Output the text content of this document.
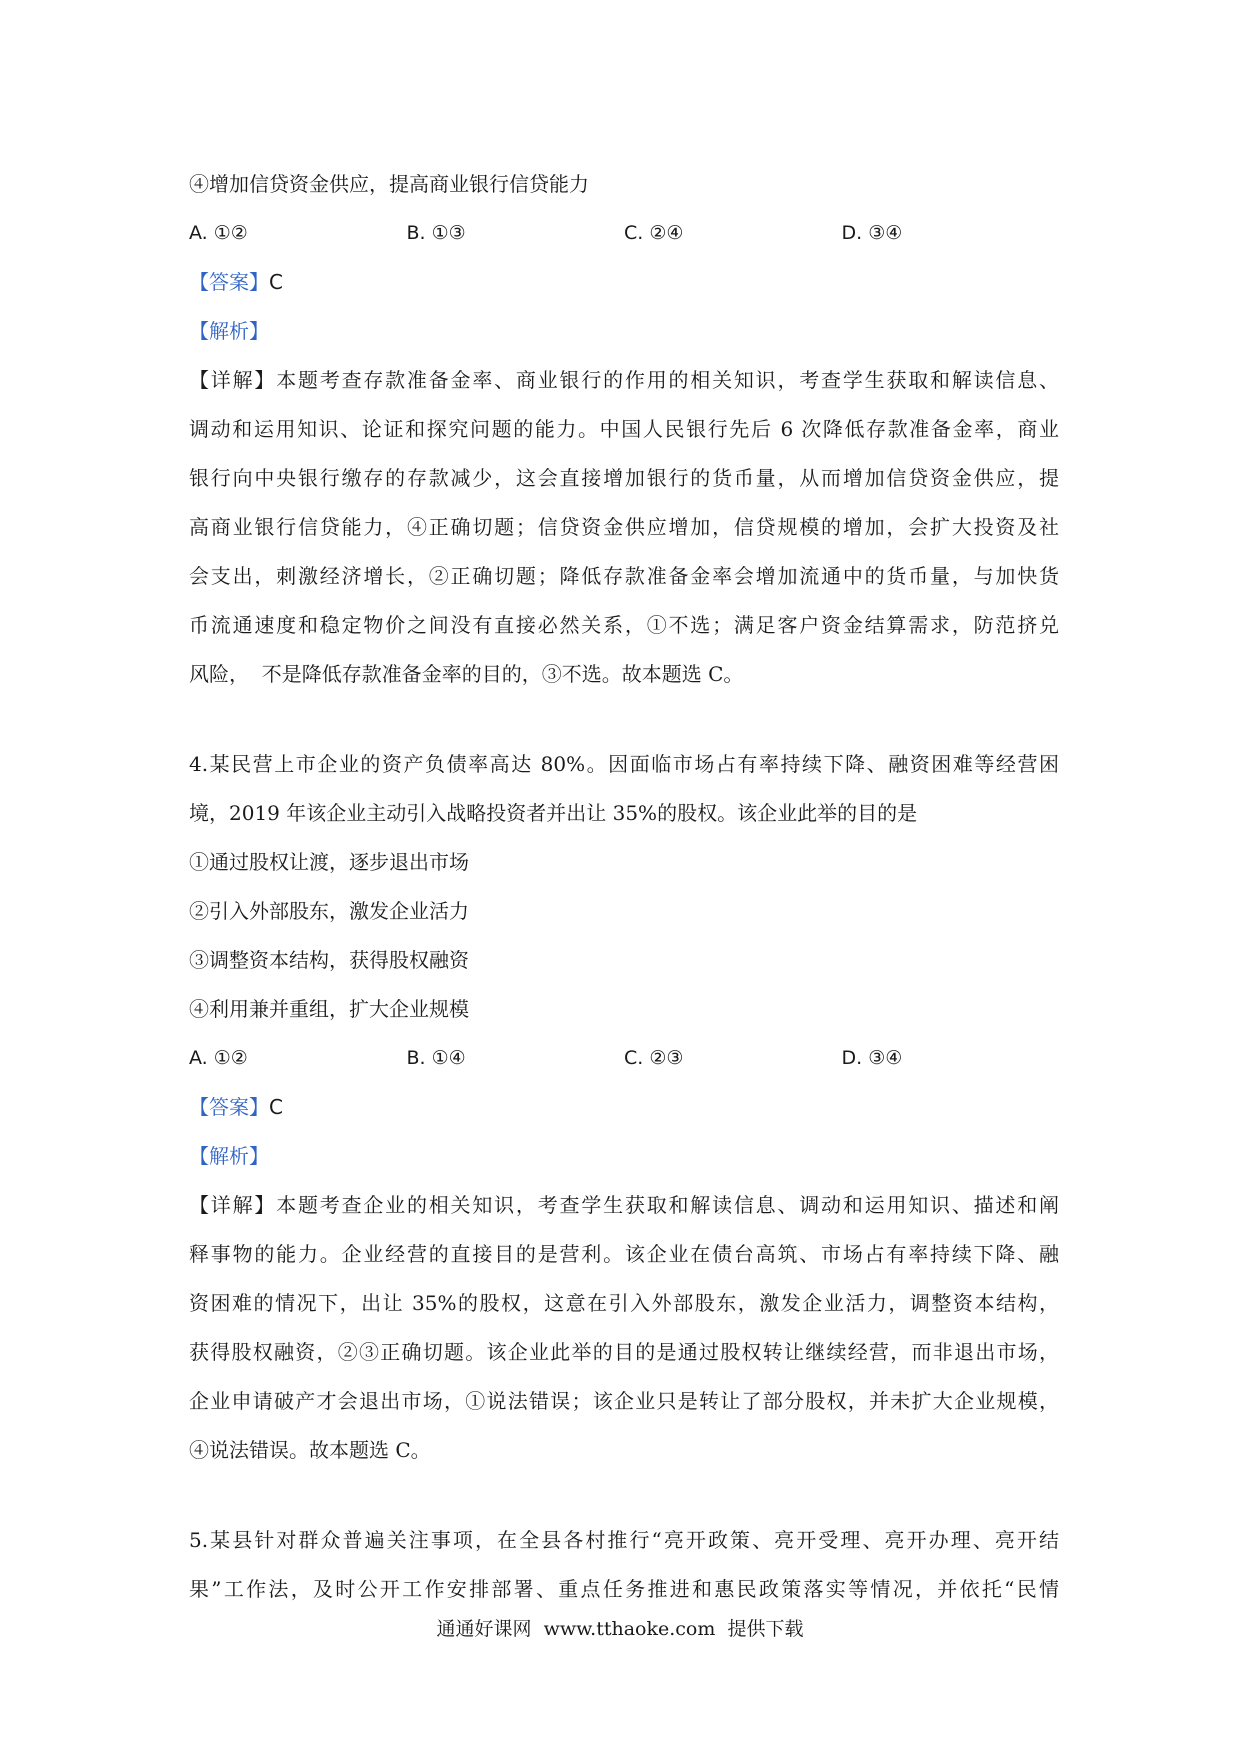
④增加信贷资金供应，提高商业银行信贷能力
A. ①②	B. ①③	C. ②④	D. ③④
【答案】C
【解析】
【详解】本题考查存款准备金率、商业银行的作用的相关知识，考查学生获取和解读信息、
调动和运用知识、论证和探究问题的能力。中国人民银行先后 6 次降低存款准备金率，商业
银行向中央银行缴存的存款减少，这会直接增加银行的货币量，从而增加信贷资金供应，提
高商业银行信贷能力，④正确切题；信贷资金供应增加，信贷规模的增加，会扩大投资及社
会支出，刺激经济增长，②正确切题；降低存款准备金率会增加流通中的货币量，与加快货
币流通速度和稳定物价之间没有直接必然关系，①不选；满足客户资金结算需求，防范挤兑
风险，  不是降低存款准备金率的目的，③不选。故本题选 C。
4.某民营上市企业的资产负债率高达 80%。因面临市场占有率持续下降、融资困难等经营困
境，2019 年该企业主动引入战略投资者并出让 35%的股权。该企业此举的目的是
①通过股权让渡，逐步退出市场
②引入外部股东，激发企业活力
③调整资本结构，获得股权融资
④利用兼并重组，扩大企业规模
A. ①②	B. ①④	C. ②③	D. ③④
【答案】C
【解析】
【详解】本题考查企业的相关知识，考查学生获取和解读信息、调动和运用知识、描述和阐
释事物的能力。企业经营的直接目的是营利。该企业在债台高筑、市场占有率持续下降、融
资困难的情况下，出让 35%的股权，这意在引入外部股东，激发企业活力，调整资本结构，
获得股权融资，②③正确切题。该企业此举的目的是通过股权转让继续经营，而非退出市场，
企业申请破产才会退出市场，①说法错误；该企业只是转让了部分股权，并未扩大企业规模，
④说法错误。故本题选 C。
5.某县针对群众普遍关注事项，在全县各村推行“亮开政策、亮开受理、亮开办理、亮开结
果”工作法，及时公开工作安排部署、重点任务推进和惠民政策落实等情况，并依托“民情
通通好课网  www.tthaoke.com  提供下载
